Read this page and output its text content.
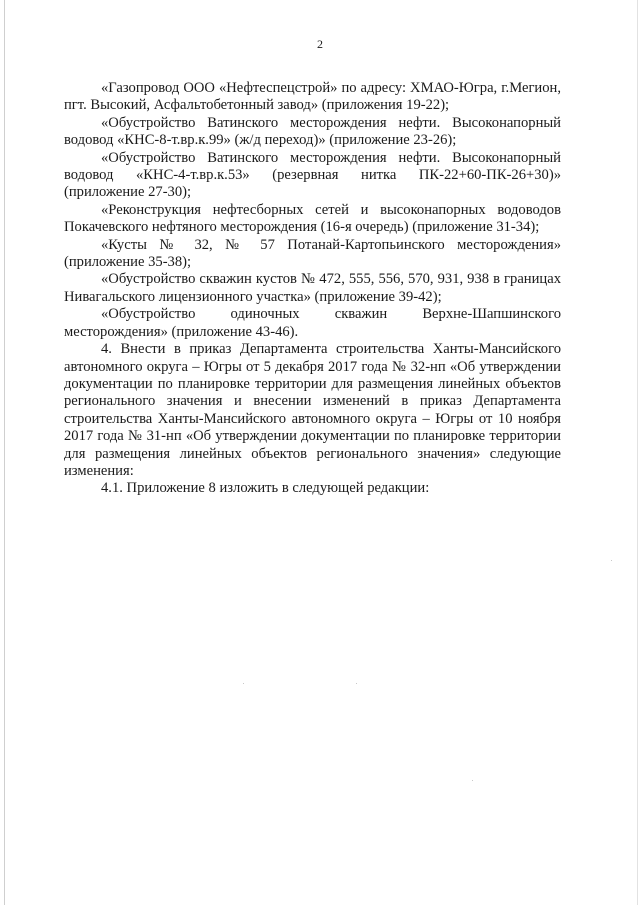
2

«Газопровод ООО «Нефтеспецстрой» по адресу: ХМАО-Югра, г.Мегион, пгт. Высокий, Асфальтобетонный завод» (приложения 19-22);

«Обустройство Ватинского месторождения нефти. Высоконапорный водовод «КНС-8-т.вр.к.99» (ж/д переход)» (приложение 23-26);

«Обустройство Ватинского месторождения нефти. Высоконапорный водовод «КНС-4-т.вр.к.53» (резервная нитка ПК-22+60-ПК-26+30)» (приложение 27-30);

«Реконструкция нефтесборных сетей и высоконапорных водоводов Покачевского нефтяного месторождения (16-я очередь) (приложение 31-34);

«Кусты № 32, № 57 Потанай-Картопьинского месторождения» (приложение 35-38);

«Обустройство скважин кустов № 472, 555, 556, 570, 931, 938 в границах Нивагальского лицензионного участка» (приложение 39-42);

«Обустройство одиночных скважин Верхне-Шапшинского месторождения» (приложение 43-46).

4. Внести в приказ Департамента строительства Ханты-Мансийского автономного округа – Югры от 5 декабря 2017 года № 32-нп «Об утверждении документации по планировке территории для размещения линейных объектов регионального значения и внесении изменений в приказ Департамента строительства Ханты-Мансийского автономного округа – Югры от 10 ноября 2017 года № 31-нп «Об утверждении документации по планировке территории для размещения линейных объектов регионального значения» следующие изменения:

4.1. Приложение 8 изложить в следующей редакции:
